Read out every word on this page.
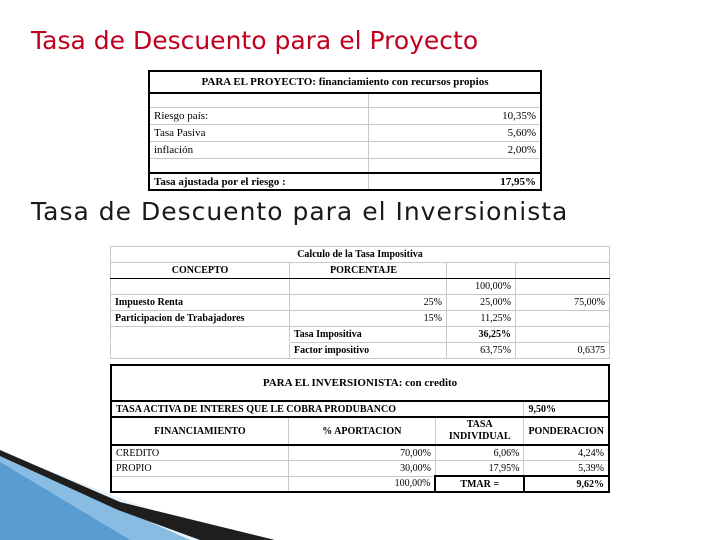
Tasa de Descuento para el Proyecto
PARA EL PROYECTO: financiamiento con recursos propios	

Riesgo país:	10,35%
Tasa Pasiva	5,60%
inflación	2,00%

Tasa ajustada por el riesgo :	17,95%
Tasa de Descuento para el Inversionista
Calculo de la Tasa Impositiva			
CONCEPTO	PORCENTAJE		
		100,00%	
Impuesto Renta	25%	25,00%	75,00%
Participacion de Trabajadores	15%	11,25%	
	Tasa Impositiva	36,25%	
	Factor impositivo	63,75%	0,6375
PARA EL INVERSIONISTA: con credito			
TASA ACTIVA DE INTERES QUE LE COBRA PRODUBANCO			9,50%
FINANCIAMIENTO	% APORTACION	TASA INDIVIDUAL	PONDERACION
CREDITO	70,00%	6,06%	4,24%
PROPIO	30,00%	17,95%	5,39%
	100,00%	TMAR =	9,62%
